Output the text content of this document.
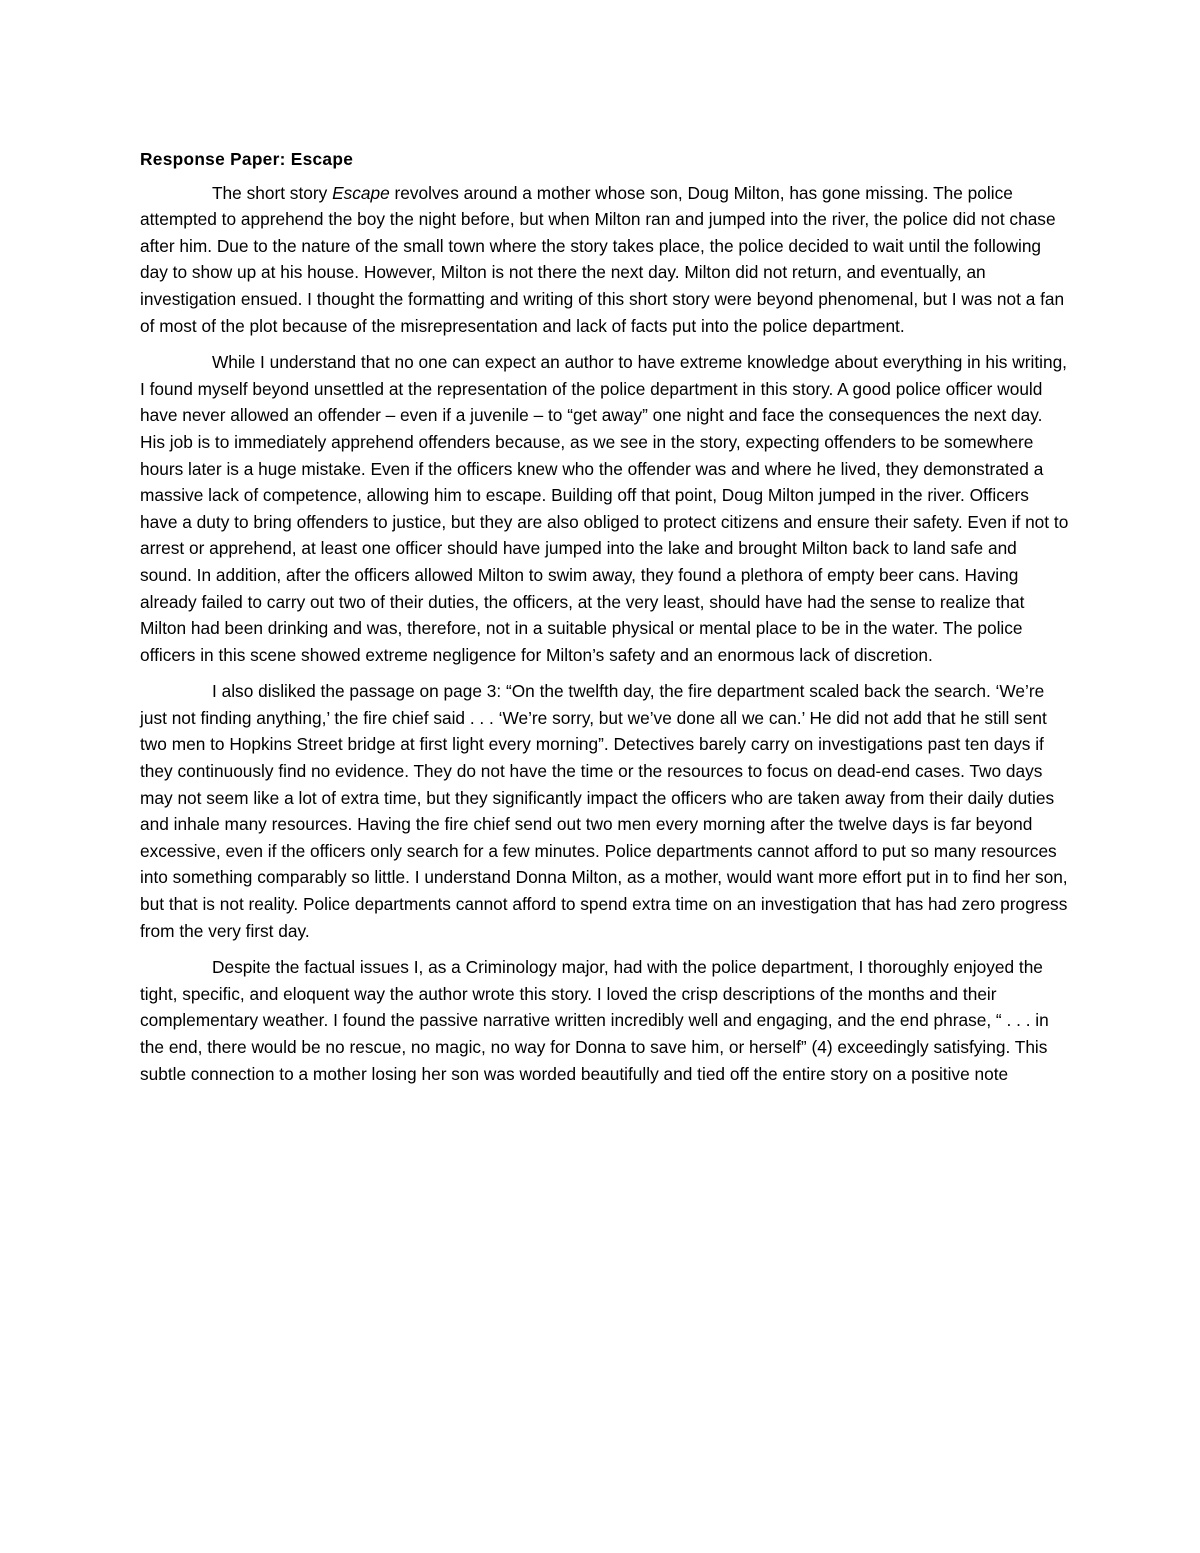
Response Paper: Escape

The short story Escape revolves around a mother whose son, Doug Milton, has gone missing. The police attempted to apprehend the boy the night before, but when Milton ran and jumped into the river, the police did not chase after him. Due to the nature of the small town where the story takes place, the police decided to wait until the following day to show up at his house. However, Milton is not there the next day. Milton did not return, and eventually, an investigation ensued. I thought the formatting and writing of this short story were beyond phenomenal, but I was not a fan of most of the plot because of the misrepresentation and lack of facts put into the police department.

While I understand that no one can expect an author to have extreme knowledge about everything in his writing, I found myself beyond unsettled at the representation of the police department in this story. A good police officer would have never allowed an offender – even if a juvenile – to “get away” one night and face the consequences the next day. His job is to immediately apprehend offenders because, as we see in the story, expecting offenders to be somewhere hours later is a huge mistake. Even if the officers knew who the offender was and where he lived, they demonstrated a massive lack of competence, allowing him to escape. Building off that point, Doug Milton jumped in the river. Officers have a duty to bring offenders to justice, but they are also obliged to protect citizens and ensure their safety. Even if not to arrest or apprehend, at least one officer should have jumped into the lake and brought Milton back to land safe and sound. In addition, after the officers allowed Milton to swim away, they found a plethora of empty beer cans. Having already failed to carry out two of their duties, the officers, at the very least, should have had the sense to realize that Milton had been drinking and was, therefore, not in a suitable physical or mental place to be in the water. The police officers in this scene showed extreme negligence for Milton’s safety and an enormous lack of discretion.

I also disliked the passage on page 3: “On the twelfth day, the fire department scaled back the search. ‘We’re just not finding anything,’ the fire chief said . . . ‘We’re sorry, but we’ve done all we can.’ He did not add that he still sent two men to Hopkins Street bridge at first light every morning”. Detectives barely carry on investigations past ten days if they continuously find no evidence. They do not have the time or the resources to focus on dead-end cases. Two days may not seem like a lot of extra time, but they significantly impact the officers who are taken away from their daily duties and inhale many resources. Having the fire chief send out two men every morning after the twelve days is far beyond excessive, even if the officers only search for a few minutes. Police departments cannot afford to put so many resources into something comparably so little. I understand Donna Milton, as a mother, would want more effort put in to find her son, but that is not reality. Police departments cannot afford to spend extra time on an investigation that has had zero progress from the very first day.

Despite the factual issues I, as a Criminology major, had with the police department, I thoroughly enjoyed the tight, specific, and eloquent way the author wrote this story. I loved the crisp descriptions of the months and their complementary weather. I found the passive narrative written incredibly well and engaging, and the end phrase, “ . . . in the end, there would be no rescue, no magic, no way for Donna to save him, or herself” (4) exceedingly satisfying. This subtle connection to a mother losing her son was worded beautifully and tied off the entire story on a positive note
